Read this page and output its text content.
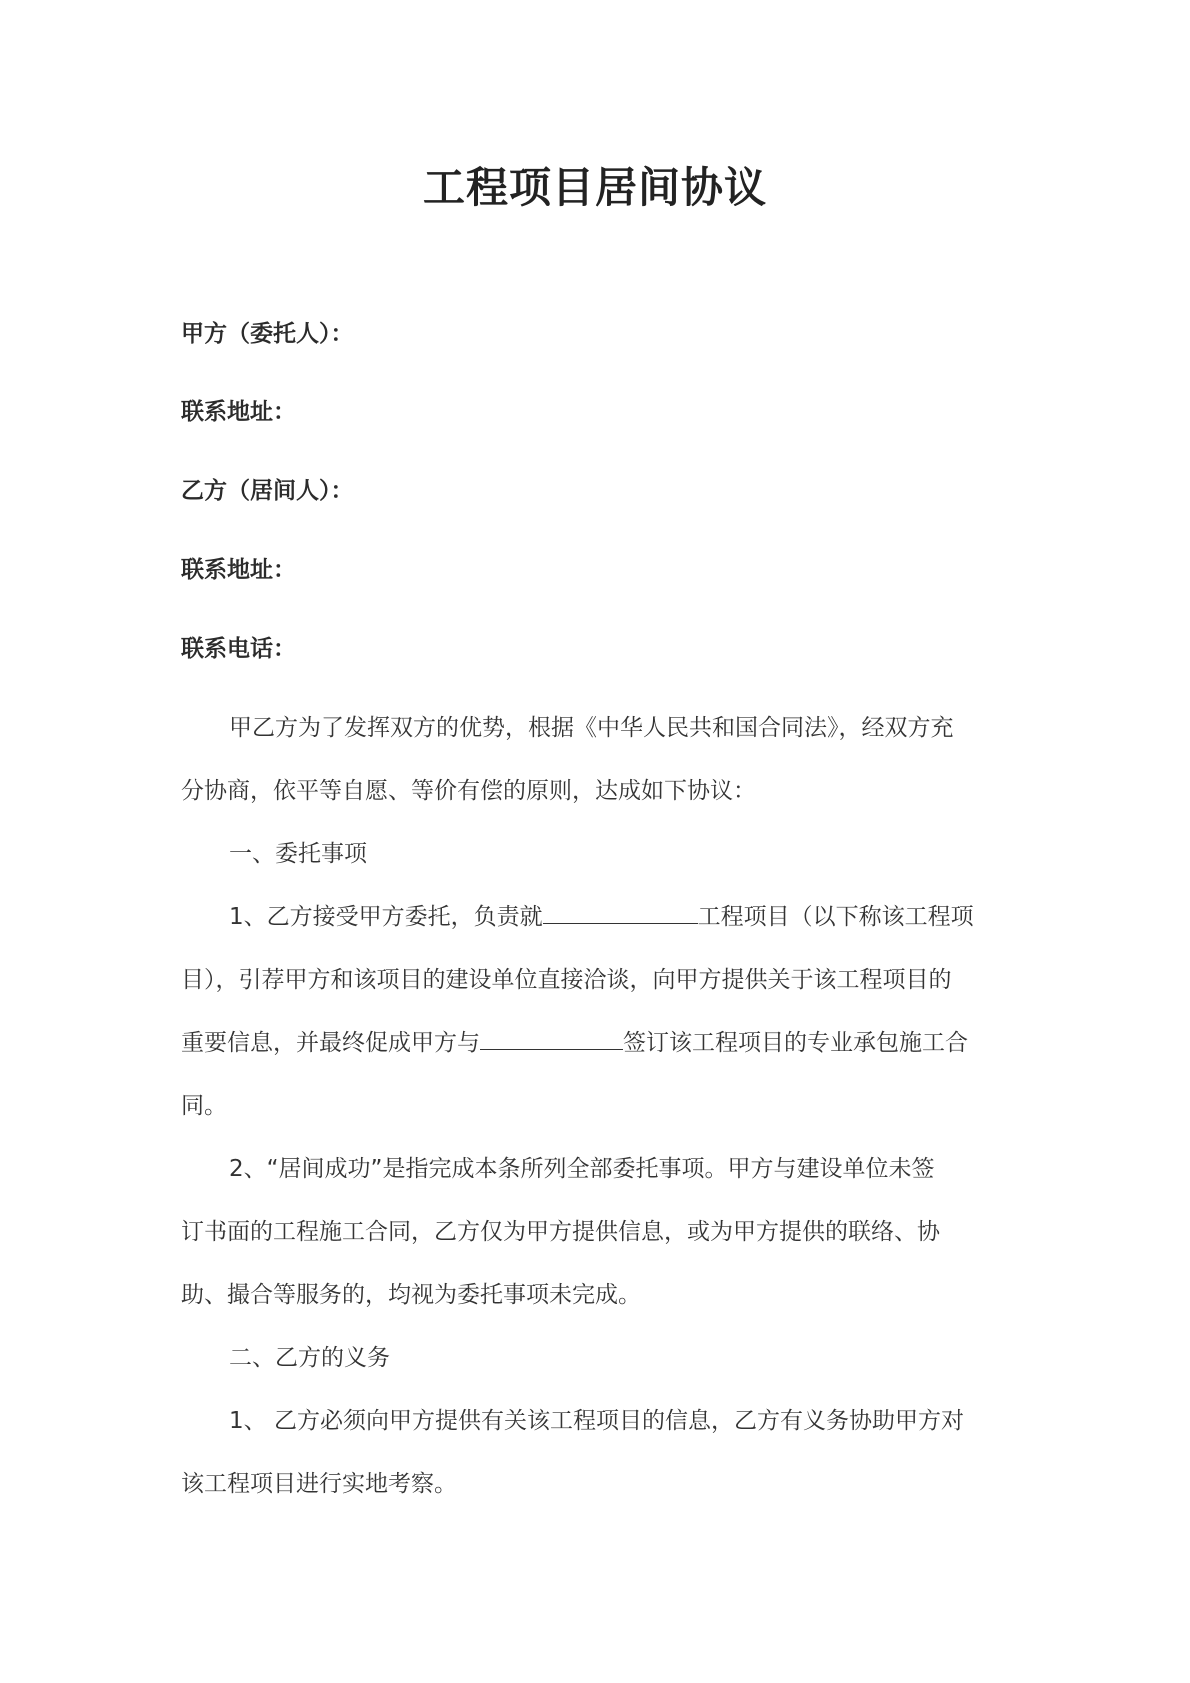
工程项目居间协议
甲方（委托人）：
联系地址：
乙方（居间人）：
联系地址：
联系电话：
甲乙方为了发挥双方的优势，根据《中华人民共和国合同法》，经双方充
分协商，依平等自愿、等价有偿的原则，达成如下协议：
一、委托事项
1、乙方接受甲方委托，负责就	工程项目（以下称该工程项
目），引荐甲方和该项目的建设单位直接洽谈，向甲方提供关于该工程项目的
重要信息，并最终促成甲方与	签订该工程项目的专业承包施工合
同。
2、“居间成功”是指完成本条所列全部委托事项。甲方与建设单位未签
订书面的工程施工合同，乙方仅为甲方提供信息，或为甲方提供的联络、协
助、撮合等服务的，均视为委托事项未完成。
二、乙方的义务
1、 乙方必须向甲方提供有关该工程项目的信息，乙方有义务协助甲方对
该工程项目进行实地考察。
